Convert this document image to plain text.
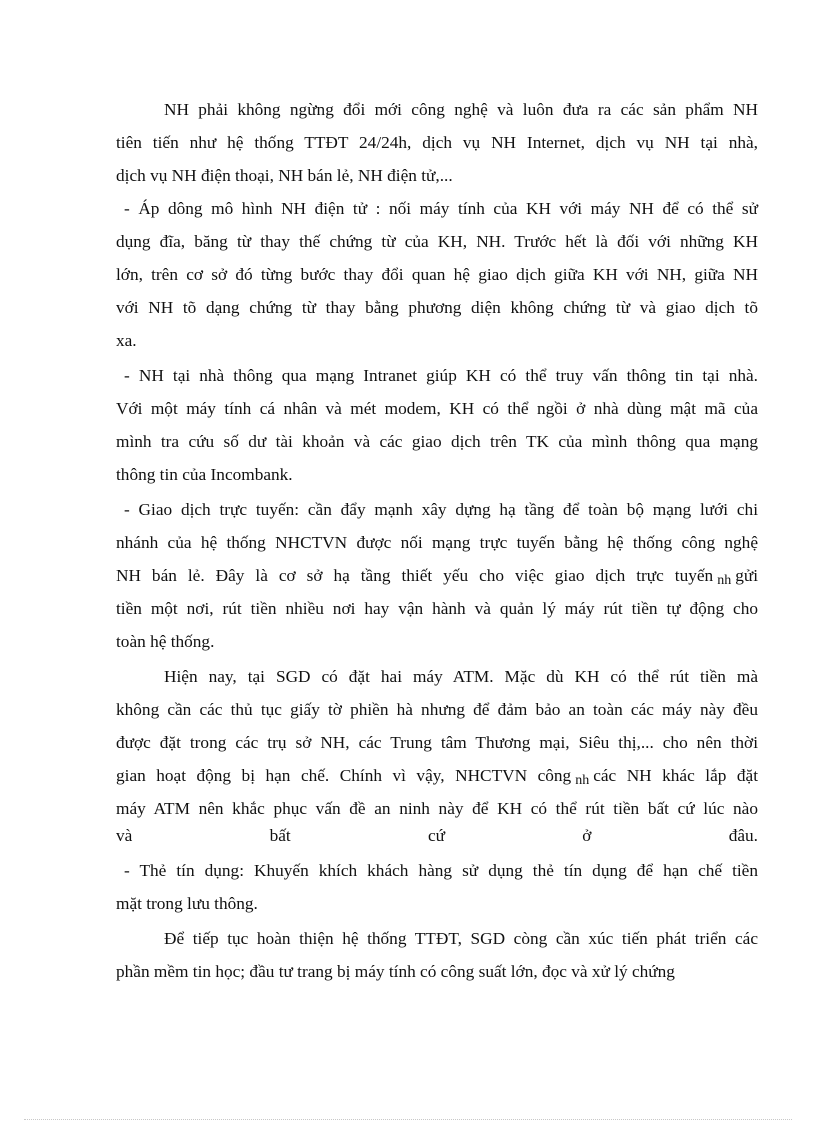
NH phải không ngừng đổi mới công nghệ và luôn đưa ra các sản phẩm NH
tiên tiến như hệ thống TTĐT 24/24h, dịch vụ NH Internet, dịch vụ NH tại nhà,
dịch vụ NH điện thoại, NH bán lẻ, NH điện tử,...
- Áp dông mô hình NH điện tử : nối máy tính của KH với máy NH để có thể sử
dụng đĩa, băng từ thay thế chứng từ của KH, NH. Trước hết là đối với những KH
lớn, trên cơ sở đó từng bước thay đổi quan hệ giao dịch giữa KH với NH, giữa NH
với NH tõ dạng chứng từ thay bằng phương diện không chứng từ và giao dịch tõ
xa.
- NH tại nhà thông qua mạng Intranet giúp KH có thể truy vấn thông tin tại nhà.
Với một máy tính cá nhân và mét modem, KH có thể ngồi ở nhà dùng mật mã của
mình tra cứu số dư tài khoản và các giao dịch trên TK của mình thông qua mạng
thông tin của Incombank.
- Giao dịch trực tuyến: cần đẩy mạnh xây dựng hạ tầng để toàn bộ mạng lưới chi
nhánh của hệ thống NHCTVN được nối mạng trực tuyến bằng hệ thống công nghệ
NH bán lẻ. Đây là cơ sở hạ tầng thiết yếu cho việc giao dịch trực tuyến nh gửi
tiền một nơi, rút tiền nhiều nơi hay vận hành và quản lý máy rút tiền tự động cho
toàn hệ thống.
Hiện nay, tại SGD có đặt hai máy ATM. Mặc dù KH có thể rút tiền mà
không cần các thủ tục giấy tờ phiền hà nhưng để đảm bảo an toàn các máy này đều
được đặt trong các trụ sở NH, các Trung tâm Thương mại, Siêu thị,... cho nên thời
gian hoạt động bị hạn chế. Chính vì vậy, NHCTVN công nh các NH khác lắp đặt
máy ATM nên khắc phục vấn đề an ninh này để KH có thể rút tiền bất cứ lúc nào
và bất cứ ở đâu.
- Thẻ tín dụng: Khuyến khích khách hàng sử dụng thẻ tín dụng để hạn chế tiền
mặt trong lưu thông.
Để tiếp tục hoàn thiện hệ thống TTĐT, SGD còng cần xúc tiến phát triển các
phần mềm tin học; đầu tư trang bị máy tính có công suất lớn, đọc và xử lý chứng
